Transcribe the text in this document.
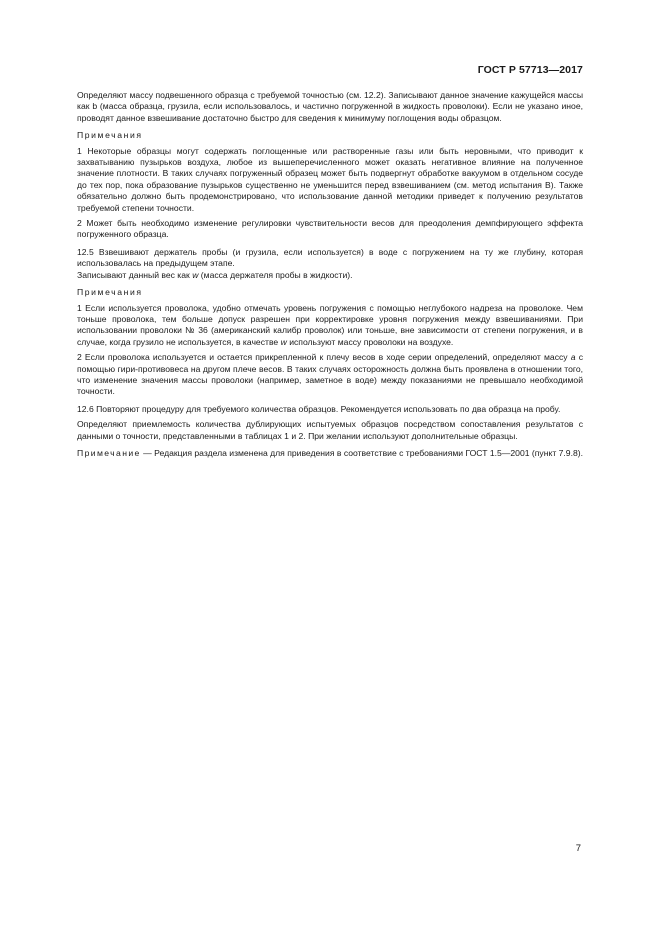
ГОСТ Р 57713—2017

Определяют массу подвешенного образца с требуемой точностью (см. 12.2). Записывают данное значение кажущейся массы как b (масса образца, грузила, если использовалось, и частично погруженной в жидкость проволоки). Если не указано иное, проводят данное взвешивание достаточно быстро для сведения к минимуму поглощения воды образцом.

Примечания

1 Некоторые образцы могут содержать поглощенные или растворенные газы или быть неровными, что приводит к захватыванию пузырьков воздуха, любое из вышеперечисленного может оказать негативное влияние на полученное значение плотности. В таких случаях погруженный образец может быть подвергнут обработке вакуумом в отдельном сосуде до тех пор, пока образование пузырьков существенно не уменьшится перед взвешиванием (см. метод испытания В). Также обязательно должно быть продемонстрировано, что использование данной методики приведет к получению результатов требуемой степени точности.

2 Может быть необходимо изменение регулировки чувствительности весов для преодоления демпфирующего эффекта погруженного образца.

12.5 Взвешивают держатель пробы (и грузила, если используется) в воде с погружением на ту же глубину, которая использовалась на предыдущем этапе.

Записывают данный вес как w (масса держателя пробы в жидкости).

Примечания

1 Если используется проволока, удобно отмечать уровень погружения с помощью неглубокого надреза на проволоке. Чем тоньше проволока, тем больше допуск разрешен при корректировке уровня погружения между взвешиваниями. При использовании проволоки № 36 (американский калибр проволок) или тоньше, вне зависимости от степени погружения, и в случае, когда грузило не используется, в качестве w используют массу проволоки на воздухе.

2 Если проволока используется и остается прикрепленной к плечу весов в ходе серии определений, определяют массу a с помощью гири-противовеса на другом плече весов. В таких случаях осторожность должна быть проявлена в отношении того, что изменение значения массы проволоки (например, заметное в воде) между показаниями не превышало необходимой точности.

12.6 Повторяют процедуру для требуемого количества образцов. Рекомендуется использовать по два образца на пробу.

Определяют приемлемость количества дублирующих испытуемых образцов посредством сопоставления результатов с данными о точности, представленными в таблицах 1 и 2. При желании используют дополнительные образцы.

Примечание — Редакция раздела изменена для приведения в соответствие с требованиями ГОСТ 1.5—2001 (пункт 7.9.8).

7
